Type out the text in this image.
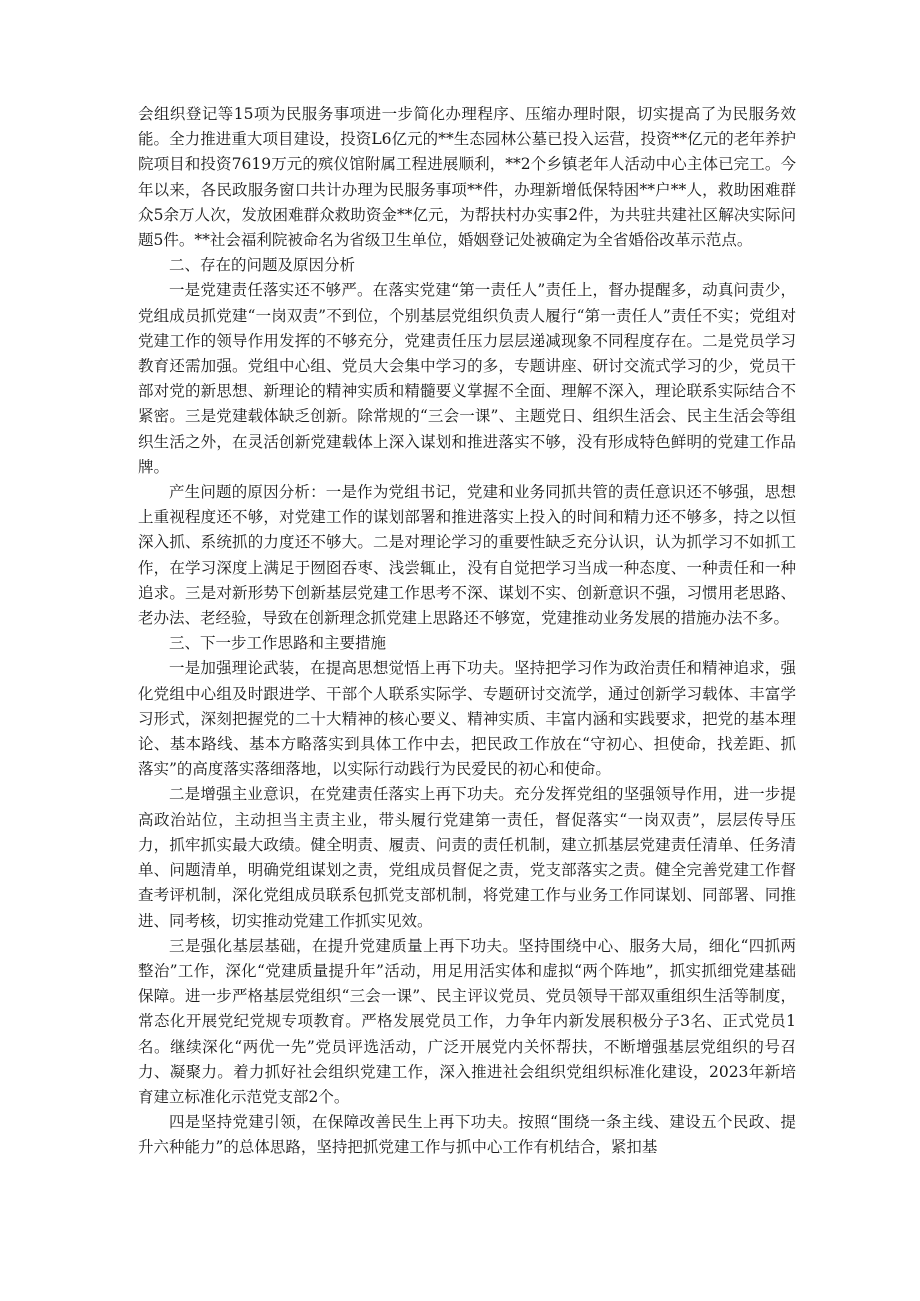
会组织登记等15项为民服务事项进一步简化办理程序、压缩办理时限，切实提高了为民服务效能。全力推进重大项目建设，投资L6亿元的**生态园林公墓已投入运营，投资**亿元的老年养护院项目和投资7619万元的殡仪馆附属工程进展顺利，**2个乡镇老年人活动中心主体已完工。今年以来，各民政服务窗口共计办理为民服务事项**件，办理新增低保特困**户**人，救助困难群众5余万人次，发放困难群众救助资金**亿元，为帮扶村办实事2件，为共驻共建社区解决实际问题5件。**社会福利院被命名为省级卫生单位，婚姻登记处被确定为全省婚俗改革示范点。

二、存在的问题及原因分析

一是党建责任落实还不够严。在落实党建“第一责任人”责任上，督办提醒多，动真问责少，党组成员抓党建“一岗双责”不到位，个别基层党组织负责人履行“第一责任人”责任不实；党组对党建工作的领导作用发挥的不够充分，党建责任压力层层递减现象不同程度存在。二是党员学习教育还需加强。党组中心组、党员大会集中学习的多，专题讲座、研讨交流式学习的少，党员干部对党的新思想、新理论的精神实质和精髓要义掌握不全面、理解不深入，理论联系实际结合不紧密。三是党建载体缺乏创新。除常规的“三会一课”、主题党日、组织生活会、民主生活会等组织生活之外，在灵活创新党建载体上深入谋划和推进落实不够，没有形成特色鲜明的党建工作品牌。

产生问题的原因分析：一是作为党组书记，党建和业务同抓共管的责任意识还不够强，思想上重视程度还不够，对党建工作的谋划部署和推进落实上投入的时间和精力还不够多，持之以恒深入抓、系统抓的力度还不够大。二是对理论学习的重要性缺乏充分认识，认为抓学习不如抓工作，在学习深度上满足于囫囵吞枣、浅尝辄止，没有自觉把学习当成一种态度、一种责任和一种追求。三是对新形势下创新基层党建工作思考不深、谋划不实、创新意识不强，习惯用老思路、老办法、老经验，导致在创新理念抓党建上思路还不够宽，党建推动业务发展的措施办法不多。

三、下一步工作思路和主要措施

一是加强理论武装，在提高思想觉悟上再下功夫。坚持把学习作为政治责任和精神追求，强化党组中心组及时跟进学、干部个人联系实际学、专题研讨交流学，通过创新学习载体、丰富学习形式，深刻把握党的二十大精神的核心要义、精神实质、丰富内涵和实践要求，把党的基本理论、基本路线、基本方略落实到具体工作中去，把民政工作放在“守初心、担使命，找差距、抓落实”的高度落实落细落地，以实际行动践行为民爱民的初心和使命。

二是增强主业意识，在党建责任落实上再下功夫。充分发挥党组的坚强领导作用，进一步提高政治站位，主动担当主责主业，带头履行党建第一责任，督促落实“一岗双责”，层层传导压力，抓牢抓实最大政绩。健全明责、履责、问责的责任机制，建立抓基层党建责任清单、任务清单、问题清单，明确党组谋划之责，党组成员督促之责，党支部落实之责。健全完善党建工作督查考评机制，深化党组成员联系包抓党支部机制，将党建工作与业务工作同谋划、同部署、同推进、同考核，切实推动党建工作抓实见效。

三是强化基层基础，在提升党建质量上再下功夫。坚持围绕中心、服务大局，细化“四抓两整治”工作，深化“党建质量提升年”活动，用足用活实体和虚拟“两个阵地”，抓实抓细党建基础保障。进一步严格基层党组织“三会一课”、民主评议党员、党员领导干部双重组织生活等制度，常态化开展党纪党规专项教育。严格发展党员工作，力争年内新发展积极分子3名、正式党员1名。继续深化“两优一先”党员评选活动，广泛开展党内关怀帮扶，不断增强基层党组织的号召力、凝聚力。着力抓好社会组织党建工作，深入推进社会组织党组织标准化建设，2023年新培育建立标准化示范党支部2个。

四是坚持党建引领，在保障改善民生上再下功夫。按照“围绕一条主线、建设五个民政、提升六种能力”的总体思路，坚持把抓党建工作与抓中心工作有机结合，紧扣基
